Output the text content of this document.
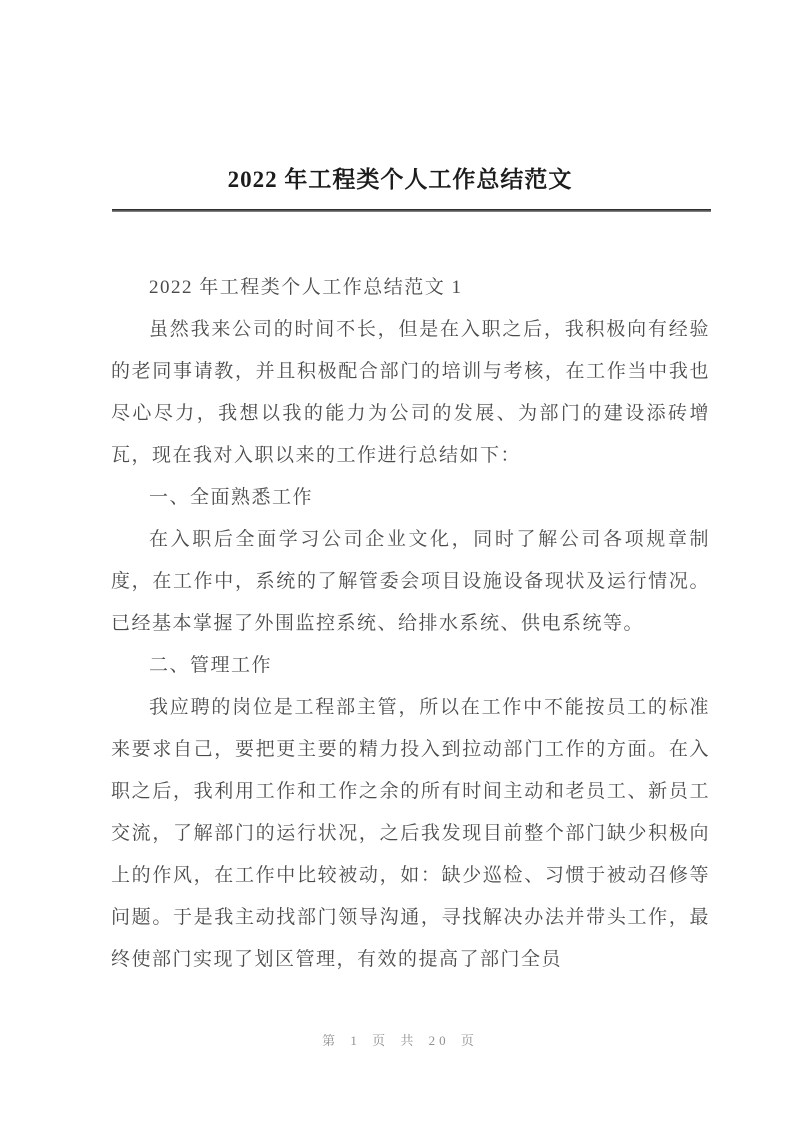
2022 年工程类个人工作总结范文

2022 年工程类个人工作总结范文 1

虽然我来公司的时间不长，但是在入职之后，我积极向有经验的老同事请教，并且积极配合部门的培训与考核，在工作当中我也尽心尽力，我想以我的能力为公司的发展、为部门的建设添砖增瓦，现在我对入职以来的工作进行总结如下：

一、全面熟悉工作

在入职后全面学习公司企业文化，同时了解公司各项规章制度，在工作中，系统的了解管委会项目设施设备现状及运行情况。已经基本掌握了外围监控系统、给排水系统、供电系统等。

二、管理工作

我应聘的岗位是工程部主管，所以在工作中不能按员工的标准来要求自己，要把更主要的精力投入到拉动部门工作的方面。在入职之后，我利用工作和工作之余的所有时间主动和老员工、新员工交流，了解部门的运行状况，之后我发现目前整个部门缺少积极向上的作风，在工作中比较被动，如：缺少巡检、习惯于被动召修等问题。于是我主动找部门领导沟通，寻找解决办法并带头工作，最终使部门实现了划区管理，有效的提高了部门全员

第 1 页 共 20 页
